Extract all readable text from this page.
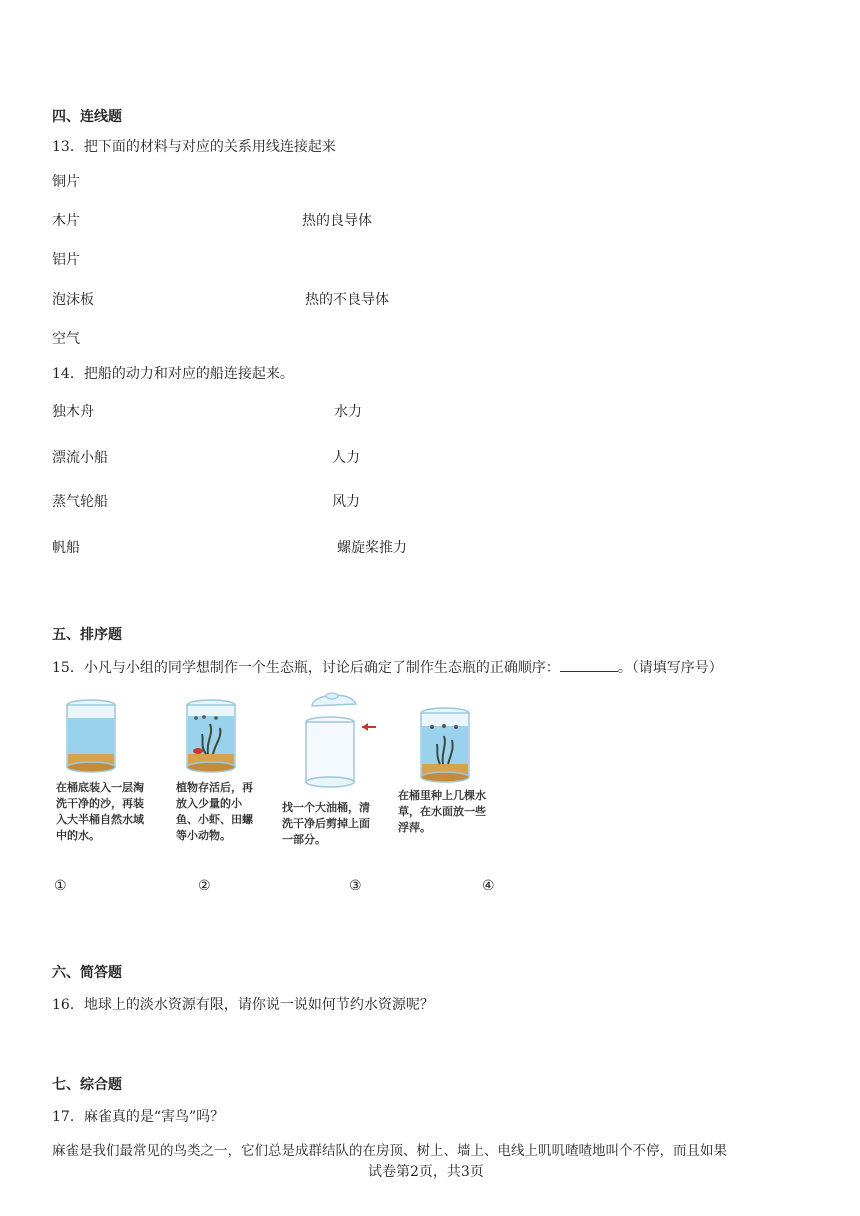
四、连线题
13．把下面的材料与对应的关系用线连接起来
铜片
木片	热的良导体
铝片
泡沫板	热的不良导体
空气
14．把船的动力和对应的船连接起来。
独木舟	水力
漂流小船	人力
蒸气轮船	风力
帆船	螺旋桨推力
五、排序题
15．小凡与小组的同学想制作一个生态瓶，讨论后确定了制作生态瓶的正确顺序：	。（请填写序号）
在桶底装入一层淘洗干净的沙，再装入大半桶自然水域中的水。
植物存活后，再放入少量的小鱼、小虾、田螺等小动物。
找一个大油桶，清洗干净后剪掉上面一部分。
在桶里种上几棵水草，在水面放一些浮萍。
①	②	③	④
六、简答题
16．地球上的淡水资源有限，请你说一说如何节约水资源呢？
七、综合题
17．麻雀真的是“害鸟”吗？
麻雀是我们最常见的鸟类之一，它们总是成群结队的在房顶、树上、墙上、电线上叽叽喳喳地叫个不停，而且如果
试卷第2页，共3页
